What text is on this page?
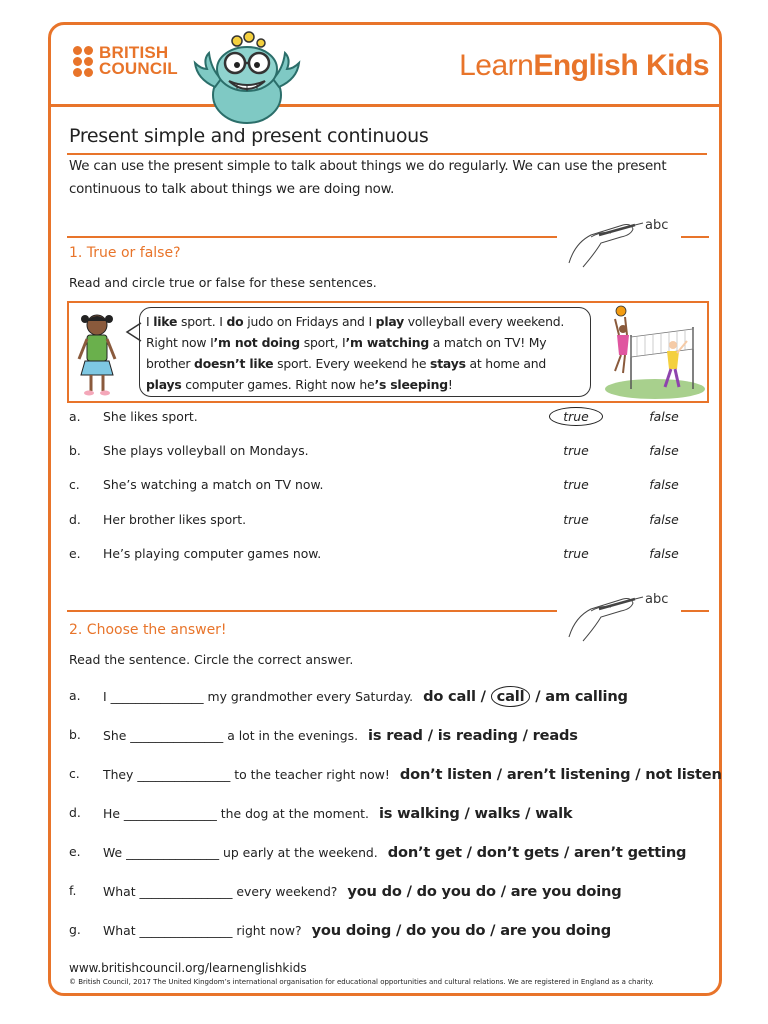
BRITISH
COUNCIL	LearnEnglish Kids
Present simple and present continuous
We can use the present simple to talk about things we do regularly. We can use the present continuous to talk about things we are doing now.
abc
1. True or false?
Read and circle true or false for these sentences.
I like sport. I do judo on Fridays and I play volleyball every weekend. Right now I’m not doing sport, I’m watching a match on TV! My brother doesn’t like sport. Every weekend he stays at home and plays computer games. Right now he’s sleeping!
a. She likes sport.	true	false
b. She plays volleyball on Mondays.	true	false
c. She’s watching a match on TV now.	true	false
d. Her brother likes sport.	true	false
e. He’s playing computer games now.	true	false
abc
2. Choose the answer!
Read the sentence. Circle the correct answer.
a. I _______________ my grandmother every Saturday. do call / call / am calling
b. She _______________ a lot in the evenings. is read / is reading / reads
c. They _______________ to the teacher right now! don’t listen / aren’t listening / not listen
d. He _______________ the dog at the moment. is walking / walks / walk
e. We _______________ up early at the weekend. don’t get / don’t gets / aren’t getting
f. What _______________ every weekend? you do / do you do / are you doing
g. What _______________ right now? you doing / do you do / are you doing
www.britishcouncil.org/learnenglishkids
© British Council, 2017 The United Kingdom’s international organisation for educational opportunities and cultural relations. We are registered in England as a charity.
